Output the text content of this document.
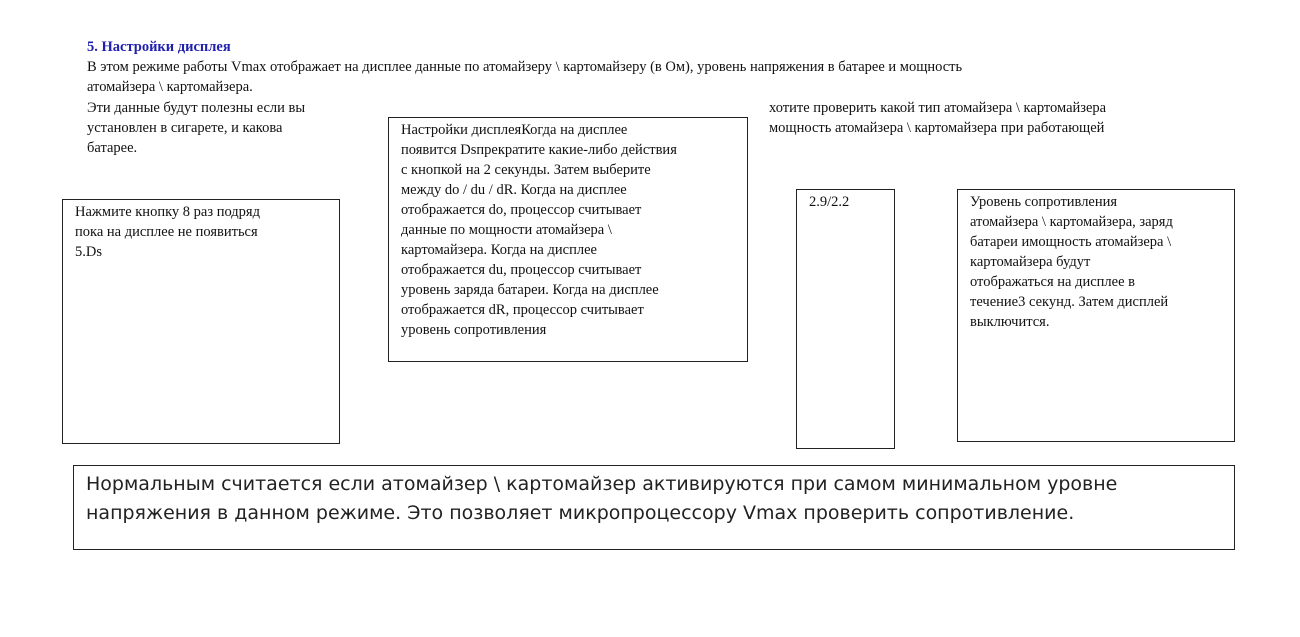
5. Настройки дисплея
В этом режиме работы Vmax отображает на дисплее данные по атомайзеру \ картомайзеру (в Ом), уровень напряжения в батарее и мощность
атомайзера \ картомайзера.
Эти данные будут полезны если вы
установлен в сигарете, и какова
батарее.
хотите проверить какой тип атомайзера \ картомайзера
мощность атомайзера \ картомайзера при работающей
Нажмите кнопку 8 раз подряд
пока на дисплее не появиться
5.Ds
Настройки дисплеяКогда на дисплее
появится Dsпрекратите какие-либо действия
с кнопкой на 2 секунды. Затем выберите
между do / du / dR. Когда на дисплее
отображается do, процессор считывает
данные по мощности атомайзера \
картомайзера. Когда на дисплее
отображается du, процессор считывает
уровень заряда батареи. Когда на дисплее
отображается dR, процессор считывает
уровень сопротивления
2.9/2.2	Уровень сопротивления
атомайзера \ картомайзера, заряд
батареи имощность атомайзера \
картомайзера будут
отображаться на дисплее в
течение3 секунд. Затем дисплей
выключится.
Нормальным считается если атомайзер \ картомайзер активируются при самом минимальном уровне
напряжения в данном режиме. Это позволяет микропроцессору Vmax проверить сопротивление.
